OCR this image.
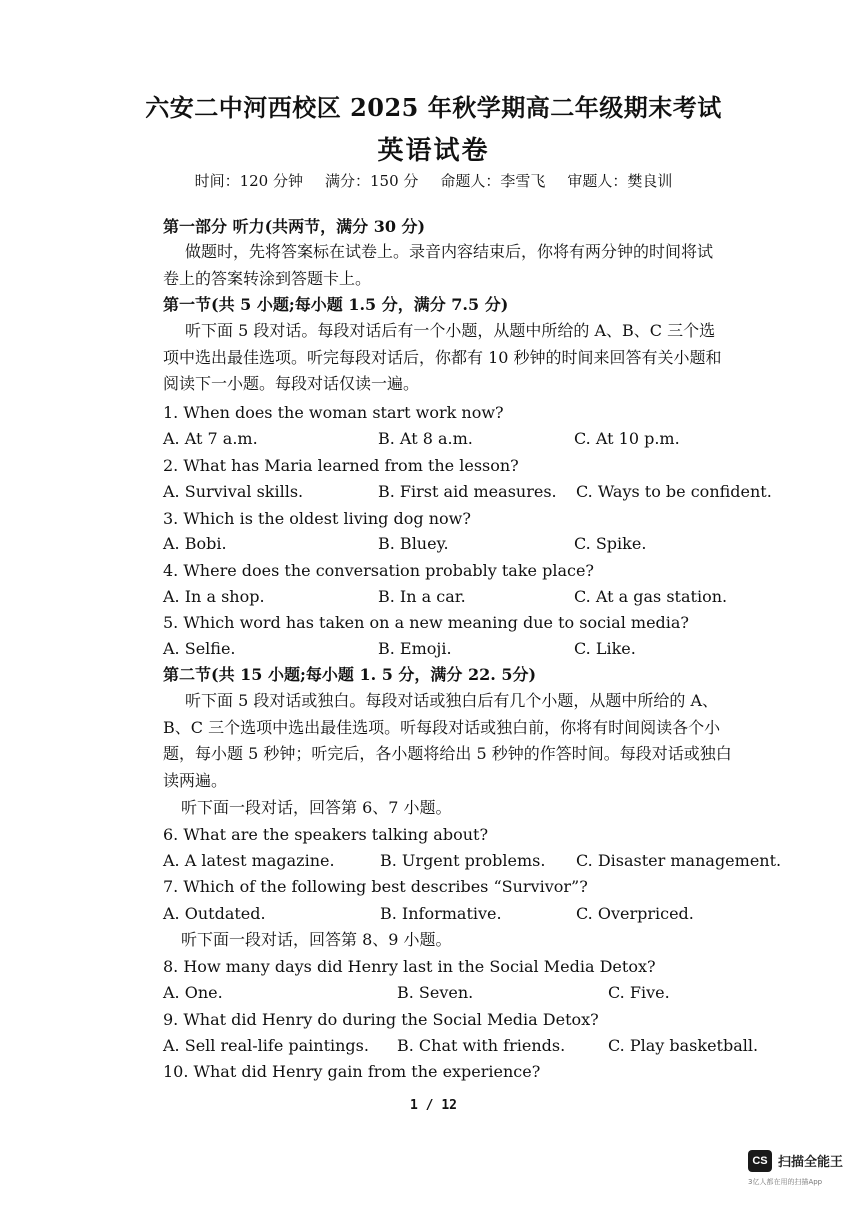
六安二中河西校区 2025 年秋学期高二年级期末考试
英语试卷
时间：120 分钟 满分：150 分 命题人：李雪飞 审题人：樊良训
第一部分 听力(共两节，满分 30 分)
做题时，先将答案标在试卷上。录音内容结束后，你将有两分钟的时间将试
卷上的答案转涂到答题卡上。
第一节(共 5 小题;每小题 1.5 分，满分 7.5 分)
听下面 5 段对话。每段对话后有一个小题，从题中所给的 A、B、C 三个选
项中选出最佳选项。听完每段对话后，你都有 10 秒钟的时间来回答有关小题和
阅读下一小题。每段对话仅读一遍。
1. When does the woman start work now?
A. At 7 a.m.	B. At 8 a.m.	C. At 10 p.m.
2. What has Maria learned from the lesson?
A. Survival skills.	B. First aid measures. C. Ways to be confident.
3. Which is the oldest living dog now?
A. Bobi.	B. Bluey.	C. Spike.
4. Where does the conversation probably take place?
A. In a shop.	B. In a car.	C. At a gas station.
5. Which word has taken on a new meaning due to social media?
A. Selfie.	B. Emoji.	C. Like.
第二节(共 15 小题;每小题 1. 5 分，满分 22. 5分)
听下面 5 段对话或独白。每段对话或独白后有几个小题，从题中所给的 A、
B、C 三个选项中选出最佳选项。听每段对话或独白前，你将有时间阅读各个小
题，每小题 5 秒钟；听完后，各小题将给出 5 秒钟的作答时间。每段对话或独白
读两遍。
听下面一段对话，回答第 6、7 小题。
6. What are the speakers talking about?
A. A latest magazine.	B. Urgent problems. C. Disaster management.
7. Which of the following best describes “Survivor”?
A. Outdated.	B. Informative.	C. Overpriced.
听下面一段对话，回答第 8、9 小题。
8. How many days did Henry last in the Social Media Detox?
A. One.	B. Seven.	C. Five.
9. What did Henry do during the Social Media Detox?
A. Sell real-life paintings. B. Chat with friends.	C. Play basketball.
10. What did Henry gain from the experience?
1 / 12
CS 扫描全能王
3亿人都在用的扫描App
